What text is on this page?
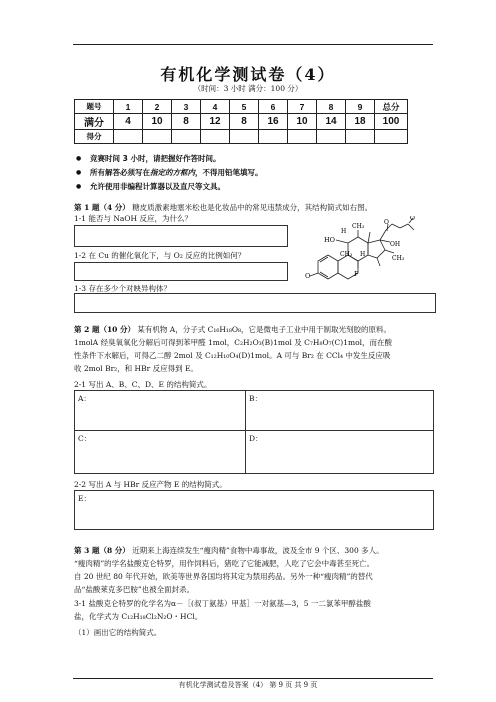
有机化学测试卷（4）
（时间：3 小时 满分：100 分）
题号	1	2	3	4	5	6	7	8	9	总分
满分	4	10	8	12	8	16	10	14	18	100
得分										
● 竞赛时间 3 小时，请把握好作答时间。
● 所有解答必须写在指定的方框内，不得用铅笔填写。
● 允许使用非编程计算器以及直尺等文具。
第 1 题（4 分） 糖皮质激素地塞米松也是化妆品中的常见违禁成分，其结构简式如右图。
1-1 能否与 NaOH 反应，为什么？
1-2 在 Cu 的催化氧化下，与 O₂ 反应的比例如何？
O
HO
H
CH₃
CH₃ H
F
OH
CH₃
O
O
1-3 存在多少个对映异构体？
第 2 题（10 分） 某有机物 A，分子式 C₁₆H₁₈O₈，它是微电子工业中用于制取光刻胶的原料。
1molA 经臭氧氧化分解后可得到苯甲醛 1mol，C₂H₂O₃(B)1mol 及 C₇H₈O₇(C)1mol，而在酸
性条件下水解后，可得乙二醇 2mol 及 C₁₂H₁₀O₄(D)1mol。A 可与 Br₂ 在 CCl₄ 中发生反应吸
收 2mol Br₂，和 HBr 反应得到 E。
2-1 写出 A、B、C、D、E 的结构简式。
A：	B：
C：	D：
2-2 写出 A 与 HBr 反应产物 E 的结构简式。
E：
第 3 题（8 分） 近期来上海连续发生“瘦肉精”食物中毒事故，波及全市 9 个区、300 多人。
“瘦肉精”的学名盐酸克仑特罗，用作饲料后，猪吃了它能减肥，人吃了它会中毒甚至死亡。
自 20 世纪 80 年代开始，欧美等世界各国均将其定为禁用药品。另外一种“瘦肉精”的替代
品“盐酸莱克多巴胺”也被全面封杀。
3-1 盐酸克仑特罗的化学名为α－［(叔丁氨基）甲基］一对氨基—3，5 一二氯苯甲醇盐酸
盐，化学式为 C₁₂H₁₈Cl₂N₂O・HCl。
（1）画出它的结构简式。
有机化学测试卷及答案（4） 第 9 页 共 9 页
